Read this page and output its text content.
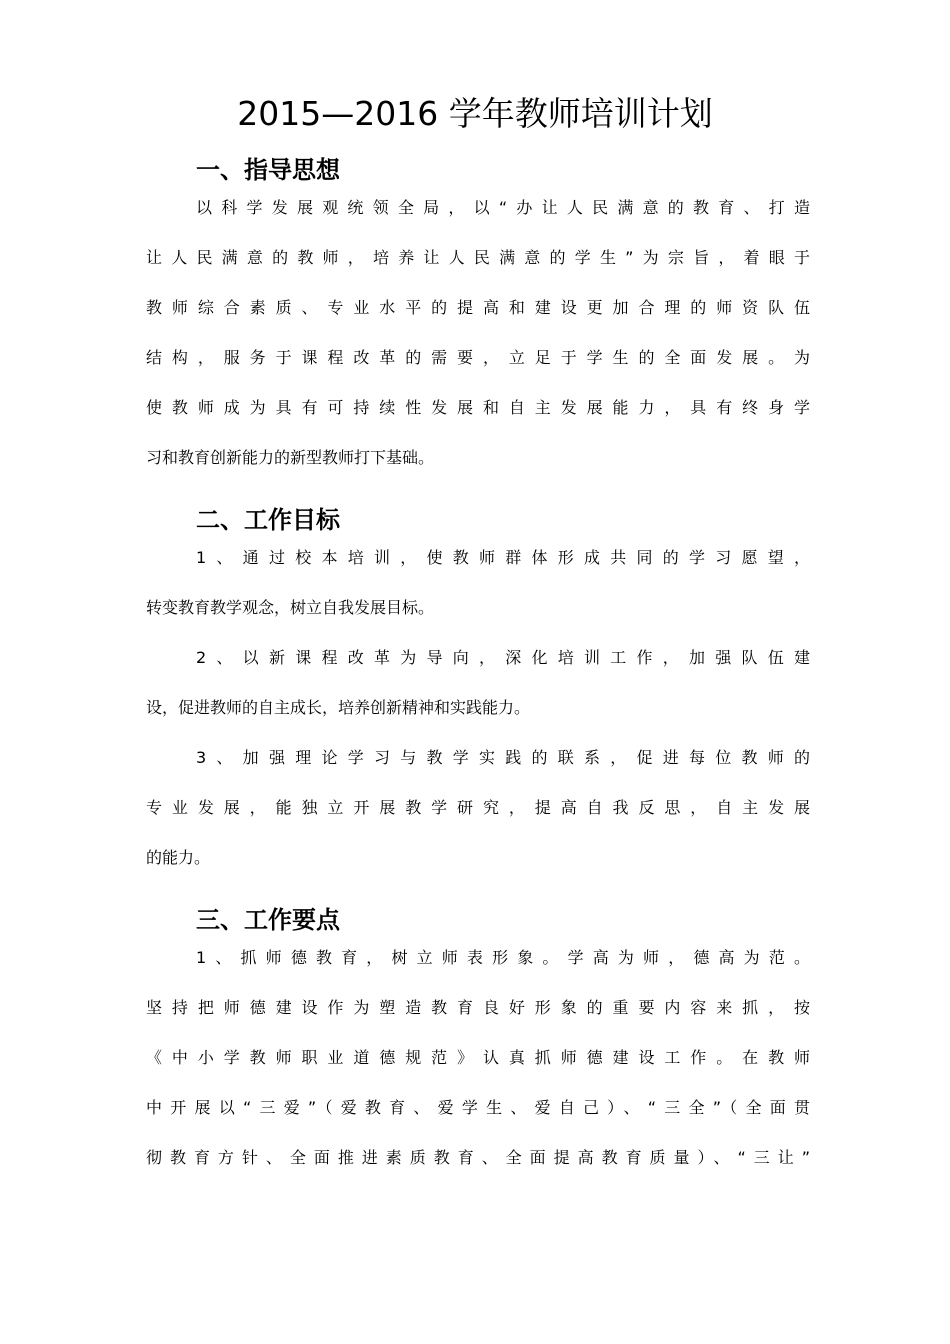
2015—2016 学年教师培训计划
一、指导思想
以科学发展观统领全局，以“办让人民满意的教育、打造
让人民满意的教师，培养让人民满意的学生”为宗旨，着眼于
教师综合素质、专业水平的提高和建设更加合理的师资队伍
结构，服务于课程改革的需要，立足于学生的全面发展。为
使教师成为具有可持续性发展和自主发展能力，具有终身学
习和教育创新能力的新型教师打下基础。
二、工作目标
1、通过校本培训，使教师群体形成共同的学习愿望，
转变教育教学观念，树立自我发展目标。
2、以新课程改革为导向，深化培训工作，加强队伍建
设，促进教师的自主成长，培养创新精神和实践能力。
3、加强理论学习与教学实践的联系，促进每位教师的
专业发展，能独立开展教学研究，提高自我反思，自主发展
的能力。
三、工作要点
1、抓师德教育，树立师表形象。学高为师，德高为范。
坚持把师德建设作为塑造教育良好形象的重要内容来抓，按
《中小学教师职业道德规范》认真抓师德建设工作。在教师
中开展以“三爱”（爱教育、爱学生、爱自己）、“三全”（全面贯
彻教育方针、全面推进素质教育、全面提高教育质量）、“三让”
